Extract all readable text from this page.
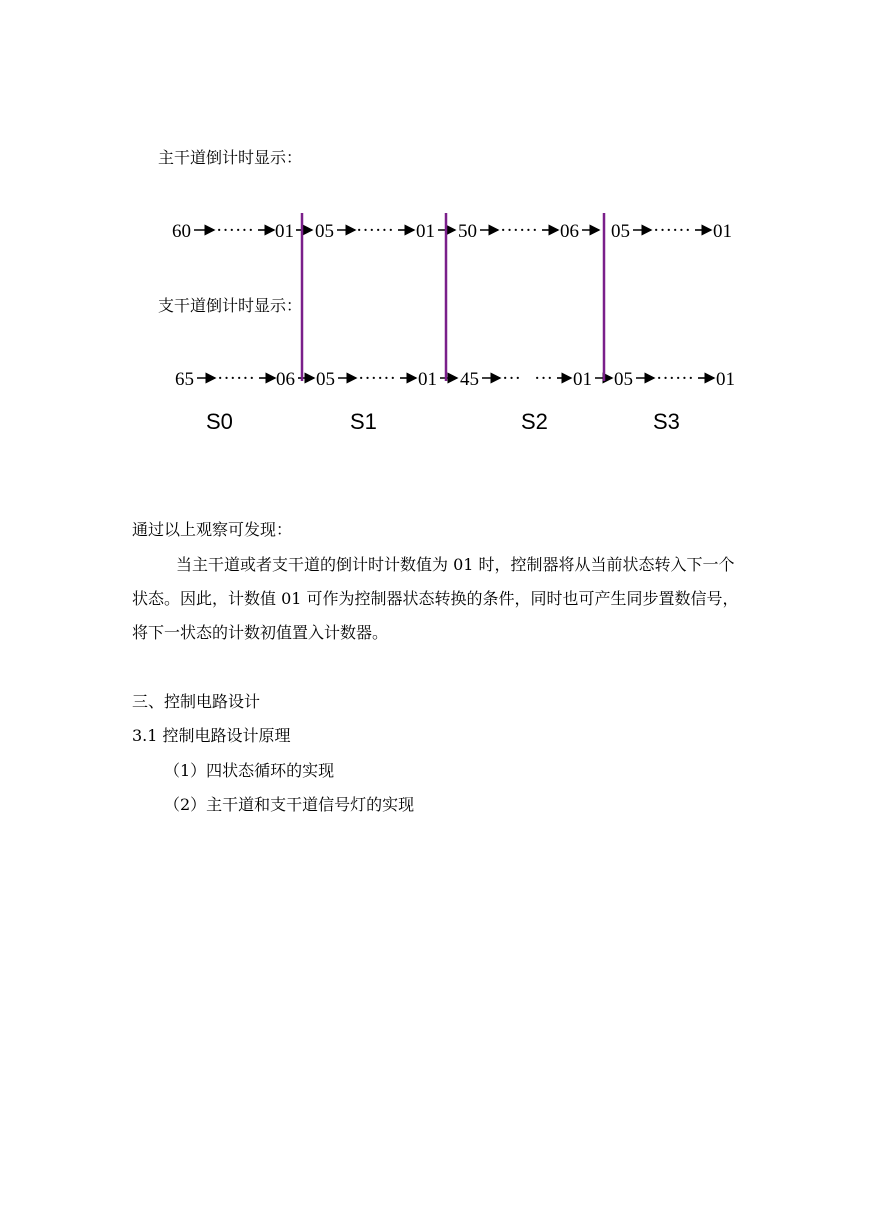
主干道倒计时显示：
60 ······ 01 05 ······ 01 50 ······ 06 05 ······ 01
支干道倒计时显示：
65 ······ 06 05 ······ 01 45 ··· ··· 01 05 ······ 01
S0	S1	S2	S3
通过以上观察可发现：
当主干道或者支干道的倒计时计数值为 01 时，控制器将从当前状态转入下一个状态。因此，计数值 01 可作为控制器状态转换的条件，同时也可产生同步置数信号，将下一状态的计数初值置入计数器。
三、控制电路设计
3.1 控制电路设计原理
（1）四状态循环的实现
（2）主干道和支干道信号灯的实现
